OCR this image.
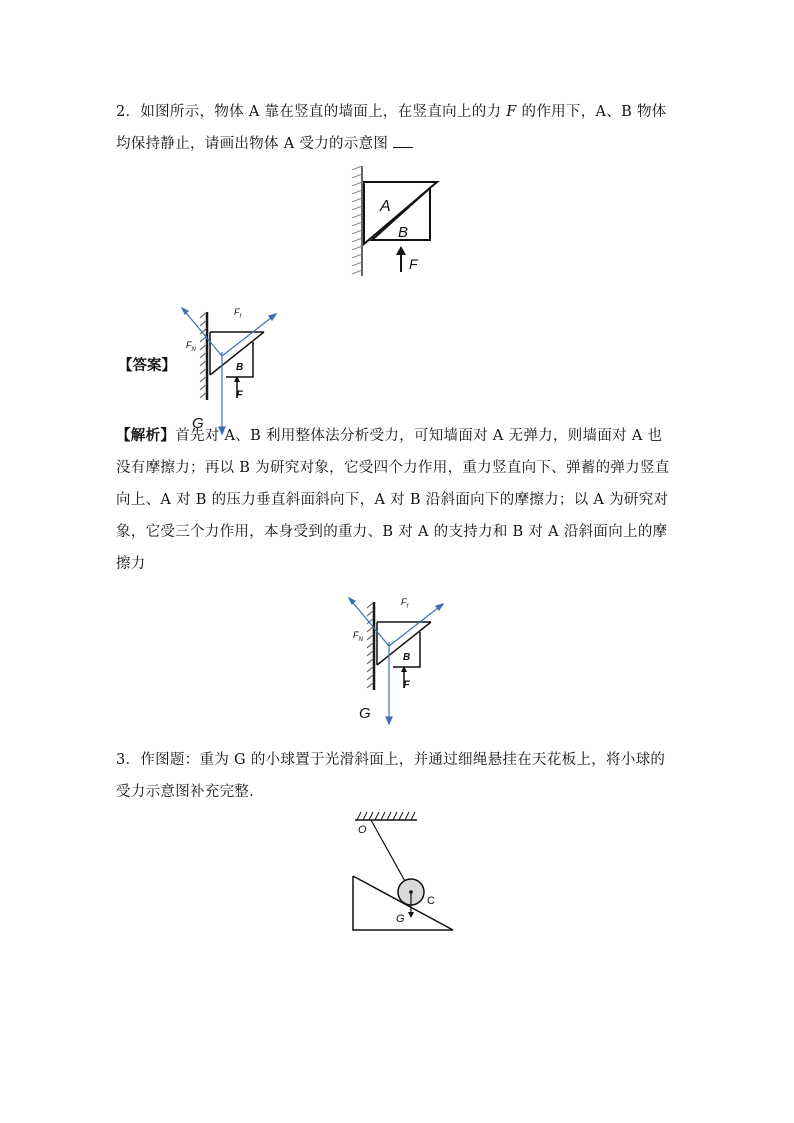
2．如图所示，物体 A 靠在竖直的墙面上，在竖直向上的力 F 的作用下，A、B 物体均保持静止，请画出物体 A 受力的示意图
A
B
F
【答案】	B
$F_f$
$F_N$
F
G
【解析】首先对 A、B 利用整体法分析受力，可知墙面对 A 无弹力，则墙面对 A 也没有摩擦力；再以 B 为研究对象，它受四个力作用，重力竖直向下、弹蓄的弹力竖直向上、A 对 B 的压力垂直斜面斜向下，A 对 B 沿斜面向下的摩擦力；以 A 为研究对象，它受三个力作用，本身受到的重力、B 对 A 的支持力和 B 对 A 沿斜面向上的摩擦力
B
$F_f$
$F_N$
F
G
3．作图题：重为 G 的小球置于光滑斜面上，并通过细绳悬挂在天花板上，将小球的受力示意图补充完整．
O
C
G
